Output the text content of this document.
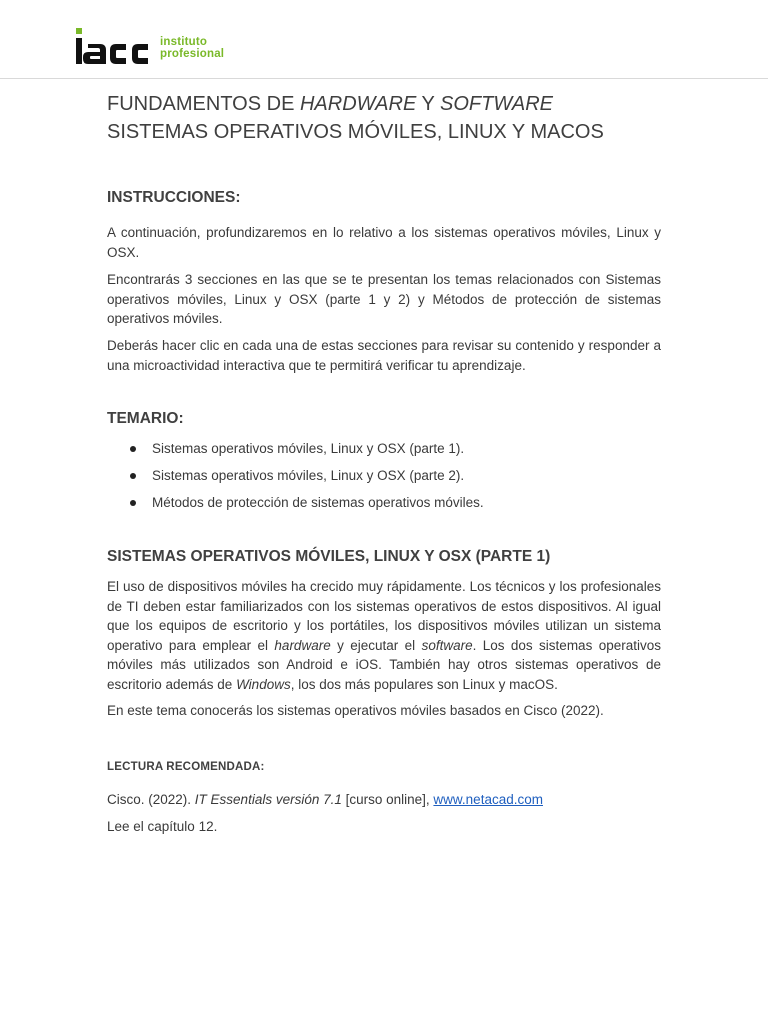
instituto
profesional
FUNDAMENTOS DE HARDWARE Y SOFTWARE
SISTEMAS OPERATIVOS MÓVILES, LINUX Y MACOS
INSTRUCCIONES:

A continuación, profundizaremos en lo relativo a los sistemas operativos móviles, Linux y OSX.

Encontrarás 3 secciones en las que se te presentan los temas relacionados con Sistemas operativos móviles, Linux y OSX (parte 1 y 2) y Métodos de protección de sistemas operativos móviles.

Deberás hacer clic en cada una de estas secciones para revisar su contenido y responder a una microactividad interactiva que te permitirá verificar tu aprendizaje.

TEMARIO:
Sistemas operativos móviles, Linux y OSX (parte 1).
Sistemas operativos móviles, Linux y OSX (parte 2).
Métodos de protección de sistemas operativos móviles.
SISTEMAS OPERATIVOS MÓVILES, LINUX Y OSX (PARTE 1)

El uso de dispositivos móviles ha crecido muy rápidamente. Los técnicos y los profesionales de TI deben estar familiarizados con los sistemas operativos de estos dispositivos. Al igual que los equipos de escritorio y los portátiles, los dispositivos móviles utilizan un sistema operativo para emplear el hardware y ejecutar el software. Los dos sistemas operativos móviles más utilizados son Android e iOS. También hay otros sistemas operativos de escritorio además de Windows, los dos más populares son Linux y macOS.

En este tema conocerás los sistemas operativos móviles basados en Cisco (2022).

LECTURA RECOMENDADA:

Cisco. (2022). IT Essentials versión 7.1 [curso online], www.netacad.com

Lee el capítulo 12.
